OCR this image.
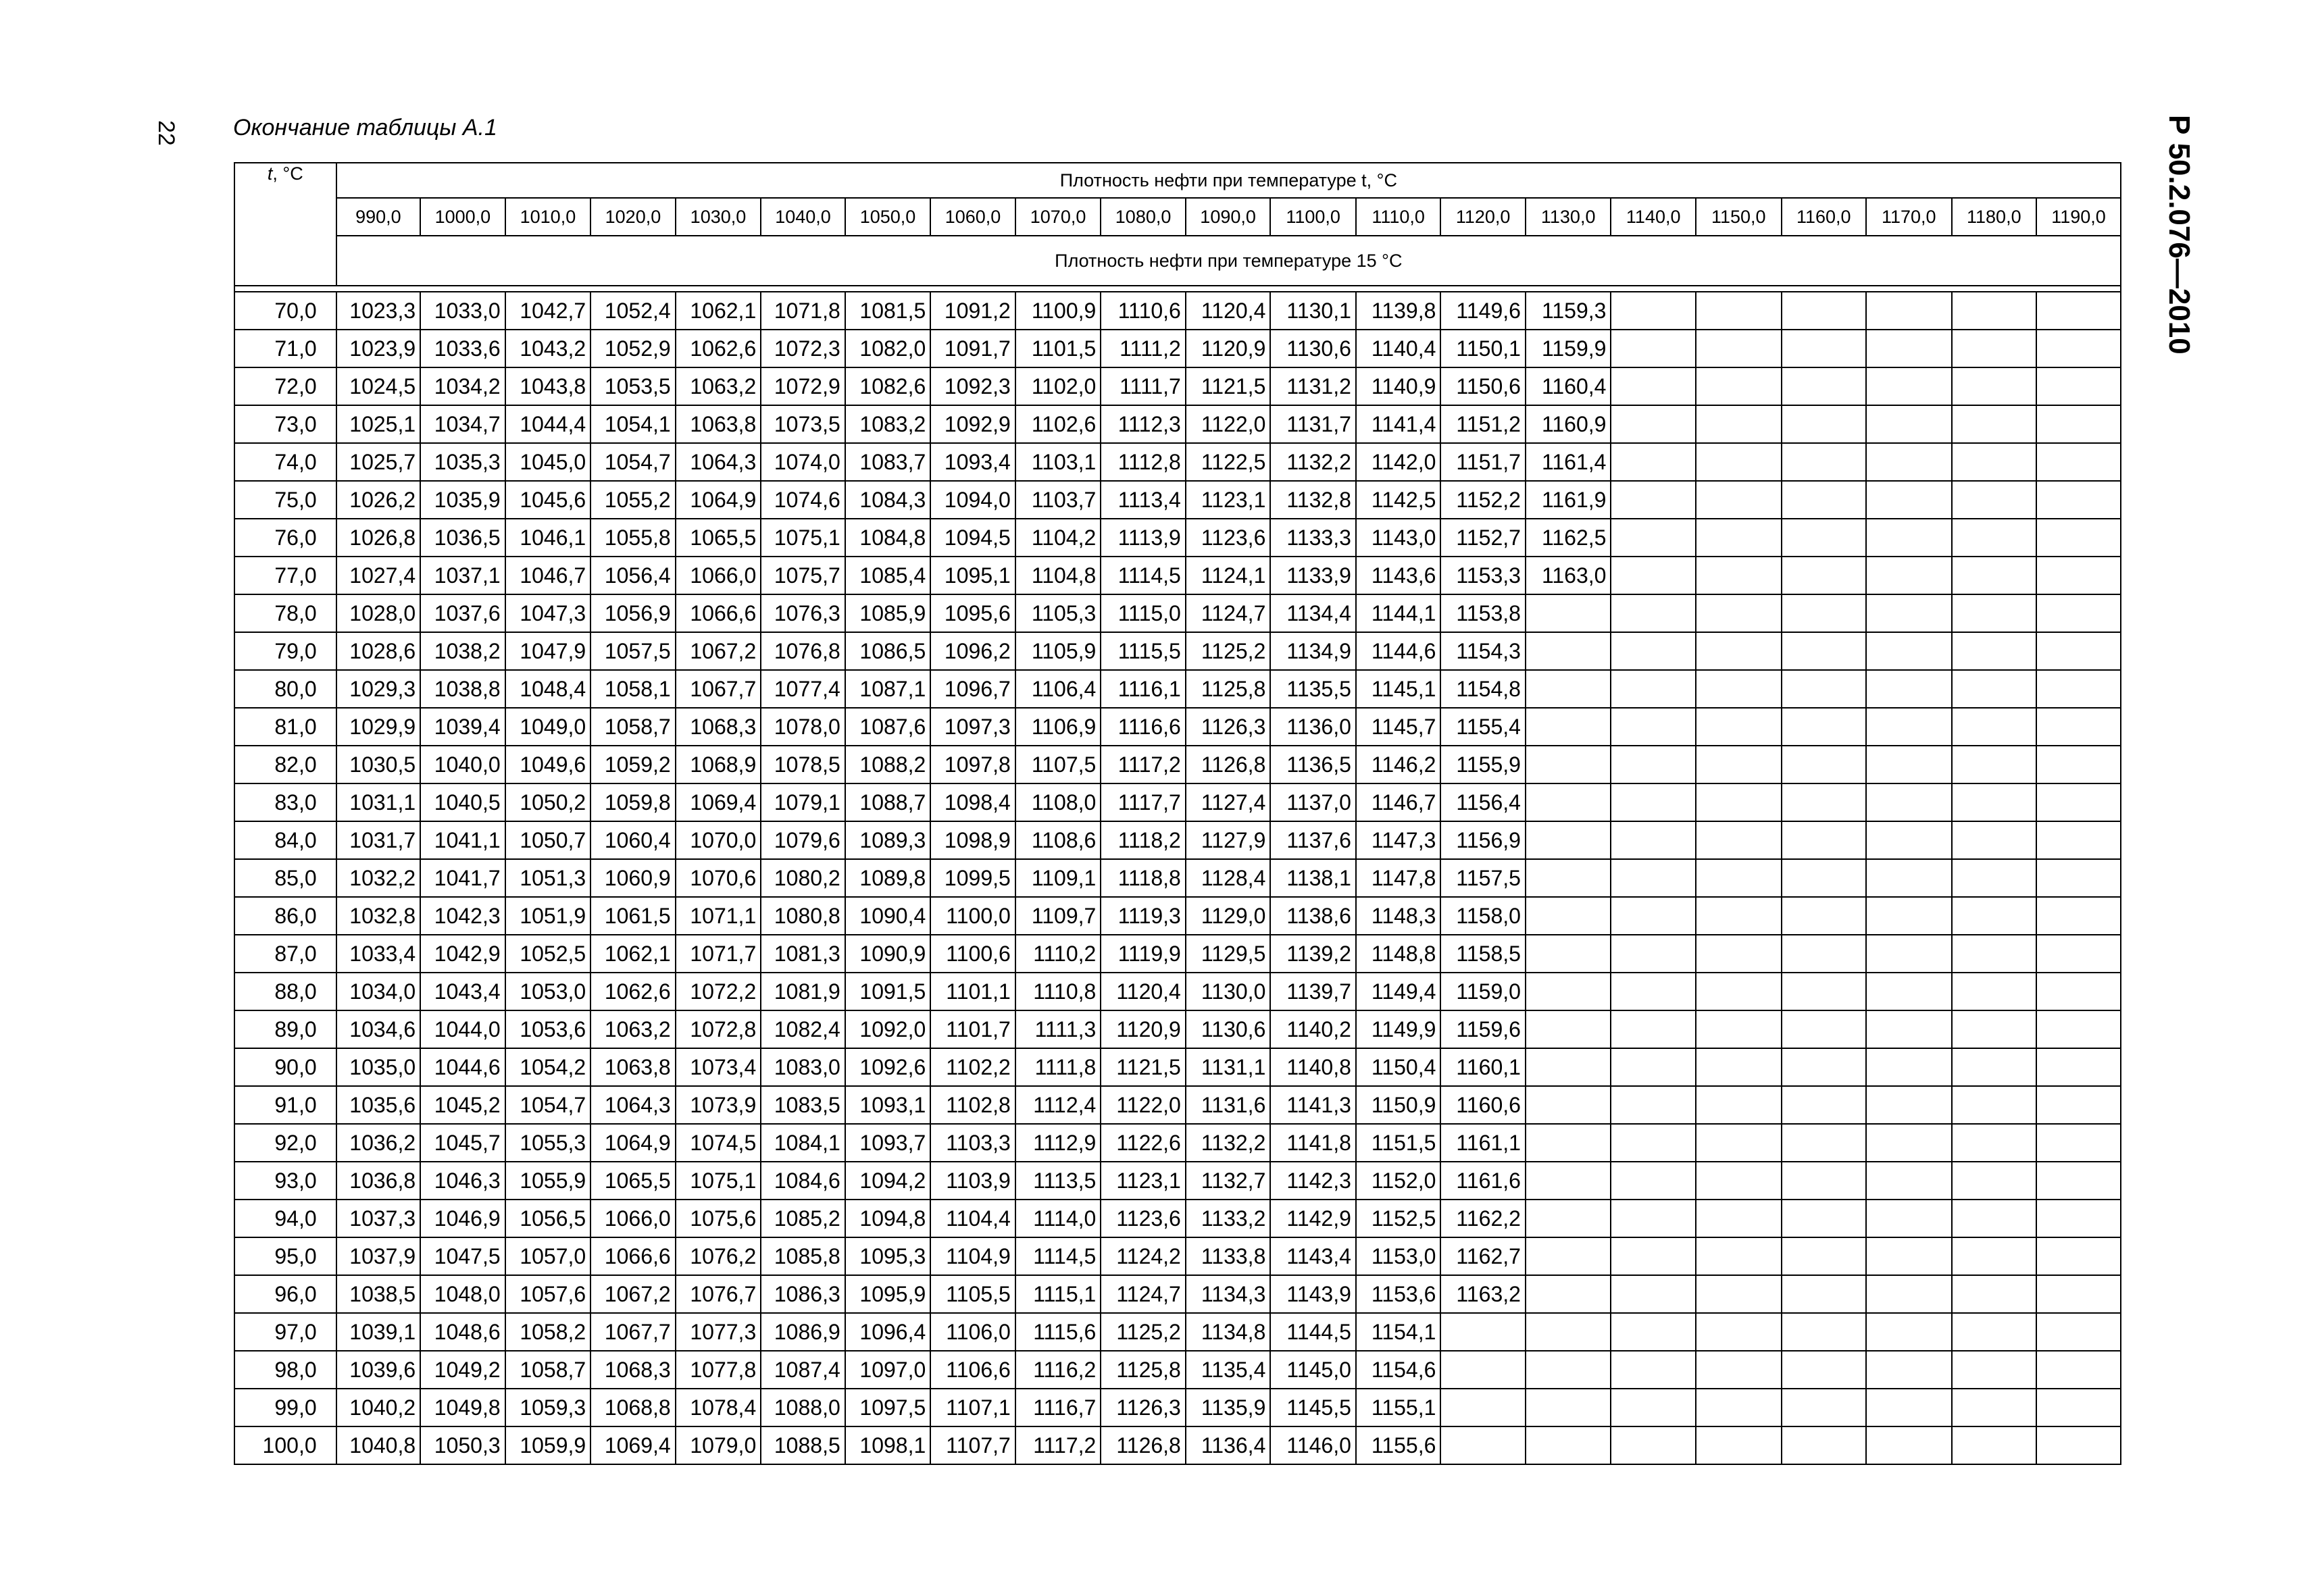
22 Окончание таблицы А.1	Р 50.2.076—2010
t, °C	Плотность нефти при температуре t, °C																				
	990,0	1000,0	1010,0	1020,0	1030,0	1040,0	1050,0	1060,0	1070,0	1080,0	1090,0	1100,0	1110,0	1120,0	1130,0	1140,0	1150,0	1160,0	1170,0	1180,0	1190,0
	Плотность нефти при температуре 15 °C																				

70,0	1023,3	1033,0	1042,7	1052,4	1062,1	1071,8	1081,5	1091,2	1100,9	1110,6	1120,4	1130,1	1139,8	1149,6	1159,3						
71,0	1023,9	1033,6	1043,2	1052,9	1062,6	1072,3	1082,0	1091,7	1101,5	1111,2	1120,9	1130,6	1140,4	1150,1	1159,9						
72,0	1024,5	1034,2	1043,8	1053,5	1063,2	1072,9	1082,6	1092,3	1102,0	1111,7	1121,5	1131,2	1140,9	1150,6	1160,4						
73,0	1025,1	1034,7	1044,4	1054,1	1063,8	1073,5	1083,2	1092,9	1102,6	1112,3	1122,0	1131,7	1141,4	1151,2	1160,9						
74,0	1025,7	1035,3	1045,0	1054,7	1064,3	1074,0	1083,7	1093,4	1103,1	1112,8	1122,5	1132,2	1142,0	1151,7	1161,4						
75,0	1026,2	1035,9	1045,6	1055,2	1064,9	1074,6	1084,3	1094,0	1103,7	1113,4	1123,1	1132,8	1142,5	1152,2	1161,9						
76,0	1026,8	1036,5	1046,1	1055,8	1065,5	1075,1	1084,8	1094,5	1104,2	1113,9	1123,6	1133,3	1143,0	1152,7	1162,5						
77,0	1027,4	1037,1	1046,7	1056,4	1066,0	1075,7	1085,4	1095,1	1104,8	1114,5	1124,1	1133,9	1143,6	1153,3	1163,0						
78,0	1028,0	1037,6	1047,3	1056,9	1066,6	1076,3	1085,9	1095,6	1105,3	1115,0	1124,7	1134,4	1144,1	1153,8							
79,0	1028,6	1038,2	1047,9	1057,5	1067,2	1076,8	1086,5	1096,2	1105,9	1115,5	1125,2	1134,9	1144,6	1154,3							
80,0	1029,3	1038,8	1048,4	1058,1	1067,7	1077,4	1087,1	1096,7	1106,4	1116,1	1125,8	1135,5	1145,1	1154,8							
81,0	1029,9	1039,4	1049,0	1058,7	1068,3	1078,0	1087,6	1097,3	1106,9	1116,6	1126,3	1136,0	1145,7	1155,4							
82,0	1030,5	1040,0	1049,6	1059,2	1068,9	1078,5	1088,2	1097,8	1107,5	1117,2	1126,8	1136,5	1146,2	1155,9							
83,0	1031,1	1040,5	1050,2	1059,8	1069,4	1079,1	1088,7	1098,4	1108,0	1117,7	1127,4	1137,0	1146,7	1156,4							
84,0	1031,7	1041,1	1050,7	1060,4	1070,0	1079,6	1089,3	1098,9	1108,6	1118,2	1127,9	1137,6	1147,3	1156,9							
85,0	1032,2	1041,7	1051,3	1060,9	1070,6	1080,2	1089,8	1099,5	1109,1	1118,8	1128,4	1138,1	1147,8	1157,5							
86,0	1032,8	1042,3	1051,9	1061,5	1071,1	1080,8	1090,4	1100,0	1109,7	1119,3	1129,0	1138,6	1148,3	1158,0							
87,0	1033,4	1042,9	1052,5	1062,1	1071,7	1081,3	1090,9	1100,6	1110,2	1119,9	1129,5	1139,2	1148,8	1158,5							
88,0	1034,0	1043,4	1053,0	1062,6	1072,2	1081,9	1091,5	1101,1	1110,8	1120,4	1130,0	1139,7	1149,4	1159,0							
89,0	1034,6	1044,0	1053,6	1063,2	1072,8	1082,4	1092,0	1101,7	1111,3	1120,9	1130,6	1140,2	1149,9	1159,6							
90,0	1035,0	1044,6	1054,2	1063,8	1073,4	1083,0	1092,6	1102,2	1111,8	1121,5	1131,1	1140,8	1150,4	1160,1							
91,0	1035,6	1045,2	1054,7	1064,3	1073,9	1083,5	1093,1	1102,8	1112,4	1122,0	1131,6	1141,3	1150,9	1160,6							
92,0	1036,2	1045,7	1055,3	1064,9	1074,5	1084,1	1093,7	1103,3	1112,9	1122,6	1132,2	1141,8	1151,5	1161,1							
93,0	1036,8	1046,3	1055,9	1065,5	1075,1	1084,6	1094,2	1103,9	1113,5	1123,1	1132,7	1142,3	1152,0	1161,6							
94,0	1037,3	1046,9	1056,5	1066,0	1075,6	1085,2	1094,8	1104,4	1114,0	1123,6	1133,2	1142,9	1152,5	1162,2							
95,0	1037,9	1047,5	1057,0	1066,6	1076,2	1085,8	1095,3	1104,9	1114,5	1124,2	1133,8	1143,4	1153,0	1162,7							
96,0	1038,5	1048,0	1057,6	1067,2	1076,7	1086,3	1095,9	1105,5	1115,1	1124,7	1134,3	1143,9	1153,6	1163,2							
97,0	1039,1	1048,6	1058,2	1067,7	1077,3	1086,9	1096,4	1106,0	1115,6	1125,2	1134,8	1144,5	1154,1								
98,0	1039,6	1049,2	1058,7	1068,3	1077,8	1087,4	1097,0	1106,6	1116,2	1125,8	1135,4	1145,0	1154,6								
99,0	1040,2	1049,8	1059,3	1068,8	1078,4	1088,0	1097,5	1107,1	1116,7	1126,3	1135,9	1145,5	1155,1								
100,0	1040,8	1050,3	1059,9	1069,4	1079,0	1088,5	1098,1	1107,7	1117,2	1126,8	1136,4	1146,0	1155,6								
